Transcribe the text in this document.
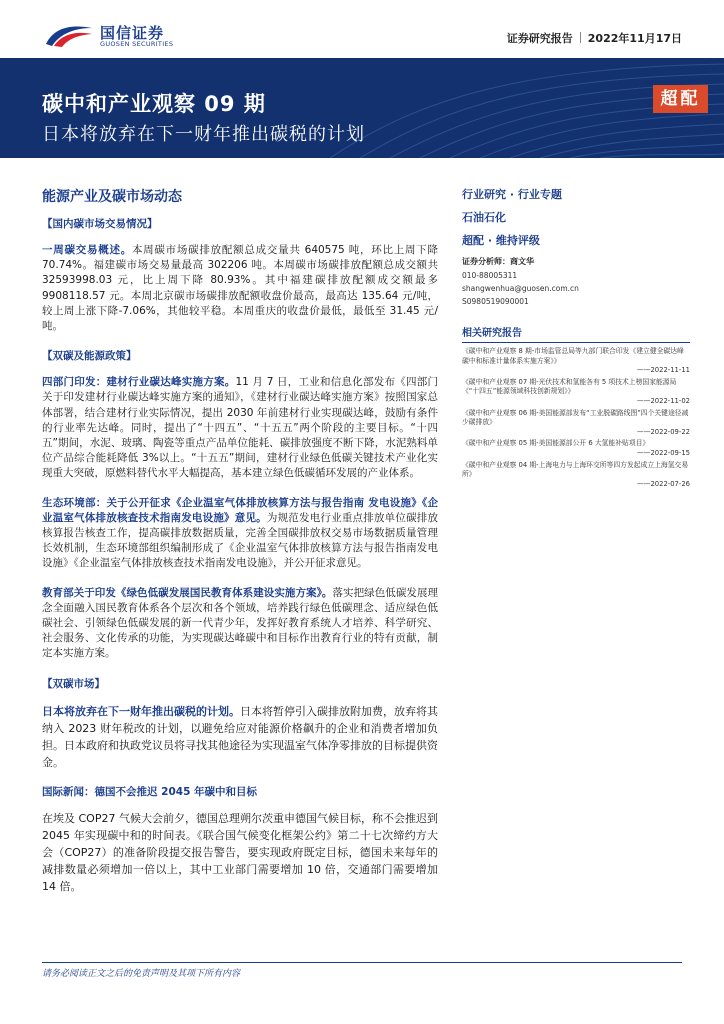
国信证券
GUOSEN SECURITIES	证券研究报告 2022年11月17日
碳中和产业观察 09 期
日本将放弃在下一财年推出碳税的计划
超配
能源产业及碳市场动态
【国内碳市场交易情况】

一周碳交易概述。本周碳市场碳排放配额总成交量共 640575 吨，环比上周下降 70.74%。福建碳市场交易量最高 302206 吨。本周碳市场碳排放配额总成交额共 32593998.03 元，比上周下降 80.93%。其中福建碳排放配额成交额最多 9908118.57 元。本周北京碳市场碳排放配额收盘价最高，最高达 135.64 元/吨，较上周上涨下降-7.06%，其他较平稳。本周重庆的收盘价最低，最低至 31.45 元/吨。

【双碳及能源政策】

四部门印发：建材行业碳达峰实施方案。11 月 7 日，工业和信息化部发布《四部门关于印发建材行业碳达峰实施方案的通知》，《建材行业碳达峰实施方案》按照国家总体部署，结合建材行业实际情况，提出 2030 年前建材行业实现碳达峰，鼓励有条件的行业率先达峰。同时，提出了“十四五”、“十五五”两个阶段的主要目标。“十四五”期间，水泥、玻璃、陶瓷等重点产品单位能耗、碳排放强度不断下降，水泥熟料单位产品综合能耗降低 3%以上。“十五五”期间，建材行业绿色低碳关键技术产业化实现重大突破，原燃料替代水平大幅提高，基本建立绿色低碳循环发展的产业体系。

生态环境部：关于公开征求《企业温室气体排放核算方法与报告指南 发电设施》《企业温室气体排放核查技术指南发电设施》意见。为规范发电行业重点排放单位碳排放核算报告核查工作，提高碳排放数据质量，完善全国碳排放权交易市场数据质量管理长效机制，生态环境部组织编制形成了《企业温室气体排放核算方法与报告指南发电设施》《企业温室气体排放核查技术指南发电设施》，并公开征求意见。

教育部关于印发《绿色低碳发展国民教育体系建设实施方案》。落实把绿色低碳发展理念全面融入国民教育体系各个层次和各个领域，培养践行绿色低碳理念、适应绿色低碳社会、引领绿色低碳发展的新一代青少年，发挥好教育系统人才培养、科学研究、社会服务、文化传承的功能，为实现碳达峰碳中和目标作出教育行业的特有贡献，制定本实施方案。

【双碳市场】

日本将放弃在下一财年推出碳税的计划。日本将暂停引入碳排放附加费，放弃将其纳入 2023 财年税改的计划，以避免给应对能源价格飙升的企业和消费者增加负担。日本政府和执政党议员将寻找其他途径为实现温室气体净零排放的目标提供资金。

国际新闻：德国不会推迟 2045 年碳中和目标

在埃及 COP27 气候大会前夕，德国总理朔尔茨重申德国气候目标，称不会推迟到 2045 年实现碳中和的时间表。《联合国气候变化框架公约》第二十七次缔约方大会（COP27）的准备阶段提交报告警告，要实现政府既定目标，德国未来每年的减排数量必须增加一倍以上，其中工业部门需要增加 10 倍，交通部门需要增加 14 倍。

行业研究 · 行业专题
石油石化
超配 · 维持评级
证券分析师：商文华
010-88005311
shangwenhua@guosen.com.cn
S0980519090001
相关研究报告
《碳中和产业观察 8 期-市场监管总局等九部门联合印发《建立健全碳达峰碳中和标准计量体系实施方案》》
——2022-11-11
《碳中和产业观察 07 期-光伏技术和氢能各有 5 项技术上榜国家能源局《“十四五”能源领域科技创新规划》》
——2022-11-02
《碳中和产业观察 06 期-美国能源部发布“工业脱碳路线图”四个关键途径减少碳排放》
——2022-09-22
《碳中和产业观察 05 期-美国能源部公开 6 大氢能补贴项目》
——2022-09-15
《碳中和产业观察 04 期-上海电力与上海环交所等四方发起成立上海氢交易所》
——2022-07-26
请务必阅读正文之后的免责声明及其项下所有内容
